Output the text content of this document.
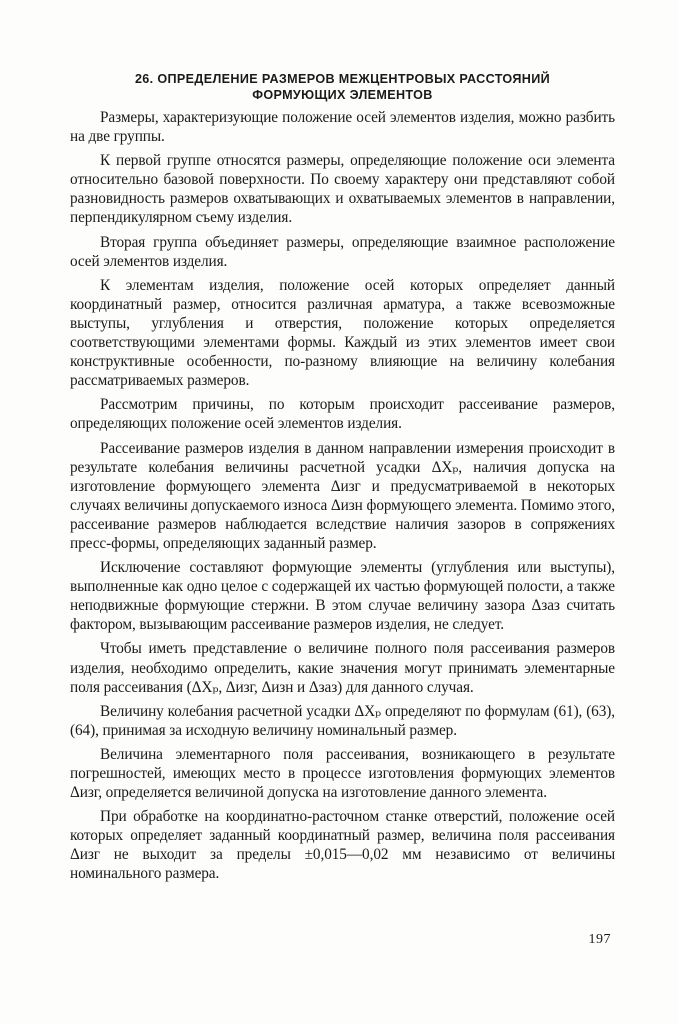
26. ОПРЕДЕЛЕНИЕ РАЗМЕРОВ МЕЖЦЕНТРОВЫХ РАССТОЯНИЙ
ФОРМУЮЩИХ ЭЛЕМЕНТОВ

Размеры, характеризующие положение осей элементов изделия, можно разбить на две группы.

К первой группе относятся размеры, определяющие положение оси элемента относительно базовой поверхности. По своему характеру они представляют собой разновидность размеров охватывающих и охватываемых элементов в направлении, перпендикулярном съему изделия.

Вторая группа объединяет размеры, определяющие взаимное расположение осей элементов изделия.

К элементам изделия, положение осей которых определяет данный координатный размер, относится различная арматура, а также всевозможные выступы, углубления и отверстия, положение которых определяется соответствующими элементами формы. Каждый из этих элементов имеет свои конструктивные особенности, по-разному влияющие на величину колебания рассматриваемых размеров.

Рассмотрим причины, по которым происходит рассеивание размеров, определяющих положение осей элементов изделия.

Рассеивание размеров изделия в данном направлении измерения происходит в результате колебания величины расчетной усадки ΔXₚ, наличия допуска на изготовление формующего элемента Δизг и предусматриваемой в некоторых случаях величины допускаемого износа Δизн формующего элемента. Помимо этого, рассеивание размеров наблюдается вследствие наличия зазоров в сопряжениях пресс-формы, определяющих заданный размер.

Исключение составляют формующие элементы (углубления или выступы), выполненные как одно целое с содержащей их частью формующей полости, а также неподвижные формующие стержни. В этом случае величину зазора Δзаз считать фактором, вызывающим рассеивание размеров изделия, не следует.

Чтобы иметь представление о величине полного поля рассеивания размеров изделия, необходимо определить, какие значения могут принимать элементарные поля рассеивания (ΔXₚ, Δизг, Δизн и Δзаз) для данного случая.

Величину колебания расчетной усадки ΔXₚ определяют по формулам (61), (63), (64), принимая за исходную величину номинальный размер.

Величина элементарного поля рассеивания, возникающего в результате погрешностей, имеющих место в процессе изготовления формующих элементов Δизг, определяется величиной допуска на изготовление данного элемента.

При обработке на координатно-расточном станке отверстий, положение осей которых определяет заданный координатный размер, величина поля рассеивания Δизг не выходит за пределы ±0,015—0,02 мм независимо от величины номинального размера.

197
